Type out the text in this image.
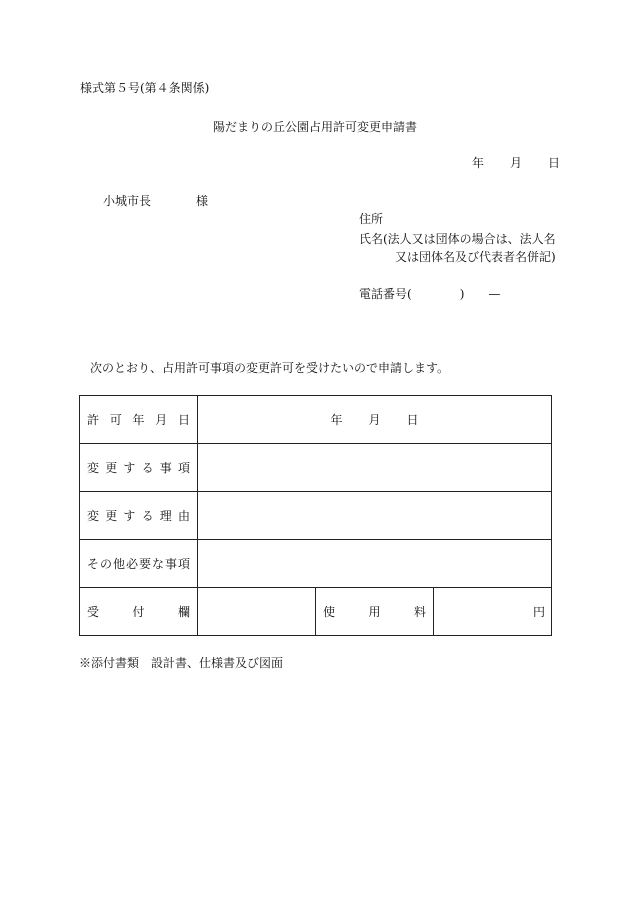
様式第５号(第４条関係)
陽だまりの丘公園占用許可変更申請書
年 月 日
小城市長	様
住所
氏名(法人又は団体の場合は、法人名
又は団体名及び代表者名併記)
電話番号(	) —
次のとおり、占用許可事項の変更許可を受けたいので申請します。
許可年月日	年 月 日		
変更する事項			
変更する理由			
その他必要な事項			
受付欄		使用料	円
※添付書類　設計書、仕様書及び図面
